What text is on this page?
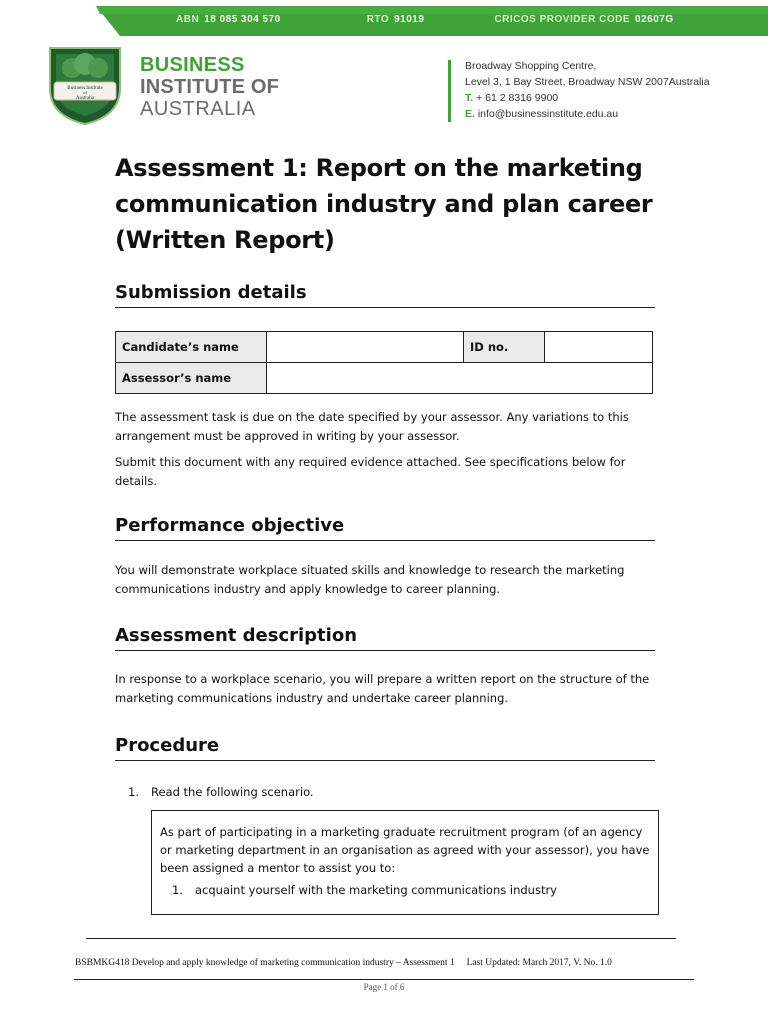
ABN 18 085 304 570	RTO 91019	CRICOS PROVIDER CODE 02607G
Business Institute
of
Australia
BUSINESS
INSTITUTE OF
AUSTRALIA
Broadway Shopping Centre,
Level 3, 1 Bay Street, Broadway NSW 2007Australia
T. + 61 2 8316 9900
E. info@businessinstitute.edu.au
Assessment 1: Report on the marketing
communication industry and plan career
(Written Report)
Submission details
Candidate’s name		ID no.	
Assessor’s name			

The assessment task is due on the date specified by your assessor. Any variations to this

arrangement must be approved in writing by your assessor.

Submit this document with any required evidence attached. See specifications below for

details.

Performance objective

You will demonstrate workplace situated skills and knowledge to research the marketing

communications industry and apply knowledge to career planning.

Assessment description

In response to a workplace scenario, you will prepare a written report on the structure of the

marketing communications industry and undertake career planning.

Procedure

1. Read the following scenario.

As part of participating in a marketing graduate recruitment program (of an agency

or marketing department in an organisation as agreed with your assessor), you have

been assigned a mentor to assist you to:

1. acquaint yourself with the marketing communications industry

BSBMKG418 Develop and apply knowledge of marketing communication industry – Assessment 1     Last Updated: March 2017, V. No. 1.0
Page 1 of 6
